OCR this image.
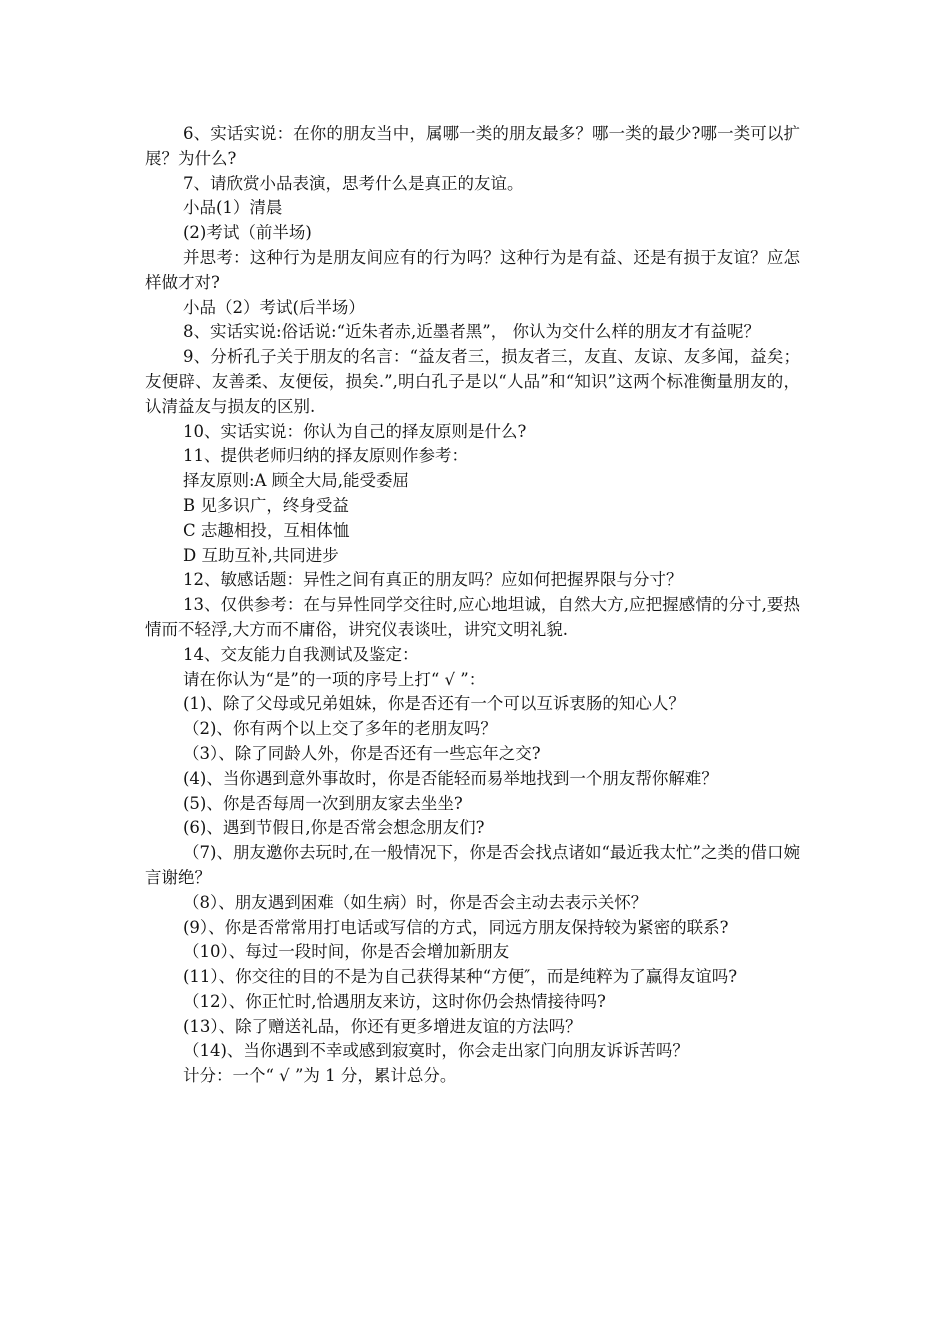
6、实话实说：在你的朋友当中，属哪一类的朋友最多？哪一类的最少?哪一类可以扩展？为什么?

7、请欣赏小品表演，思考什么是真正的友谊。

小品(1）清晨

(2)考试（前半场)

并思考：这种行为是朋友间应有的行为吗？这种行为是有益、还是有损于友谊？应怎样做才对?

小品（2）考试(后半场）

8、实话实说:俗话说:“近朱者赤,近墨者黑”， 你认为交什么样的朋友才有益呢？

9、分析孔子关于朋友的名言：“益友者三，损友者三，友直、友谅、友多闻，益矣；友便辟、友善柔、友便佞，损矣.”,明白孔子是以“人品”和“知识”这两个标准衡量朋友的，认清益友与损友的区别.

10、实话实说：你认为自己的择友原则是什么?

11、提供老师归纳的择友原则作参考：

择友原则:A 顾全大局,能受委屈

B 见多识广，终身受益

C 志趣相投，互相体恤

D 互助互补,共同进步

12、敏感话题：异性之间有真正的朋友吗？应如何把握界限与分寸？

13、仅供参考：在与异性同学交往时,应心地坦诚，自然大方,应把握感情的分寸,要热情而不轻浮,大方而不庸俗，讲究仪表谈吐，讲究文明礼貌.

14、交友能力自我测试及鉴定：

请在你认为“是”的一项的序号上打“ √ ”：

(1)、除了父母或兄弟姐妹，你是否还有一个可以互诉衷肠的知心人？

（2)、你有两个以上交了多年的老朋友吗？

（3）、除了同龄人外，你是否还有一些忘年之交?

(4)、当你遇到意外事故时，你是否能轻而易举地找到一个朋友帮你解难？

(5)、你是否每周一次到朋友家去坐坐?

(6)、遇到节假日,你是否常会想念朋友们?

（7)、朋友邀你去玩时,在一般情况下，你是否会找点诸如“最近我太忙”之类的借口婉言谢绝？

（8）、朋友遇到困难（如生病）时，你是否会主动去表示关怀？

(9）、你是否常常用打电话或写信的方式，同远方朋友保持较为紧密的联系?

（10）、每过一段时间，你是否会增加新朋友

(11）、你交往的目的不是为自己获得某种“方便″，而是纯粹为了赢得友谊吗?

（12）、你正忙时,恰遇朋友来访，这时你仍会热情接待吗?

(13）、除了赠送礼品，你还有更多增进友谊的方法吗？

（14)、当你遇到不幸或感到寂寞时，你会走出家门向朋友诉诉苦吗？

计分：一个“ √ ”为 1 分，累计总分。
